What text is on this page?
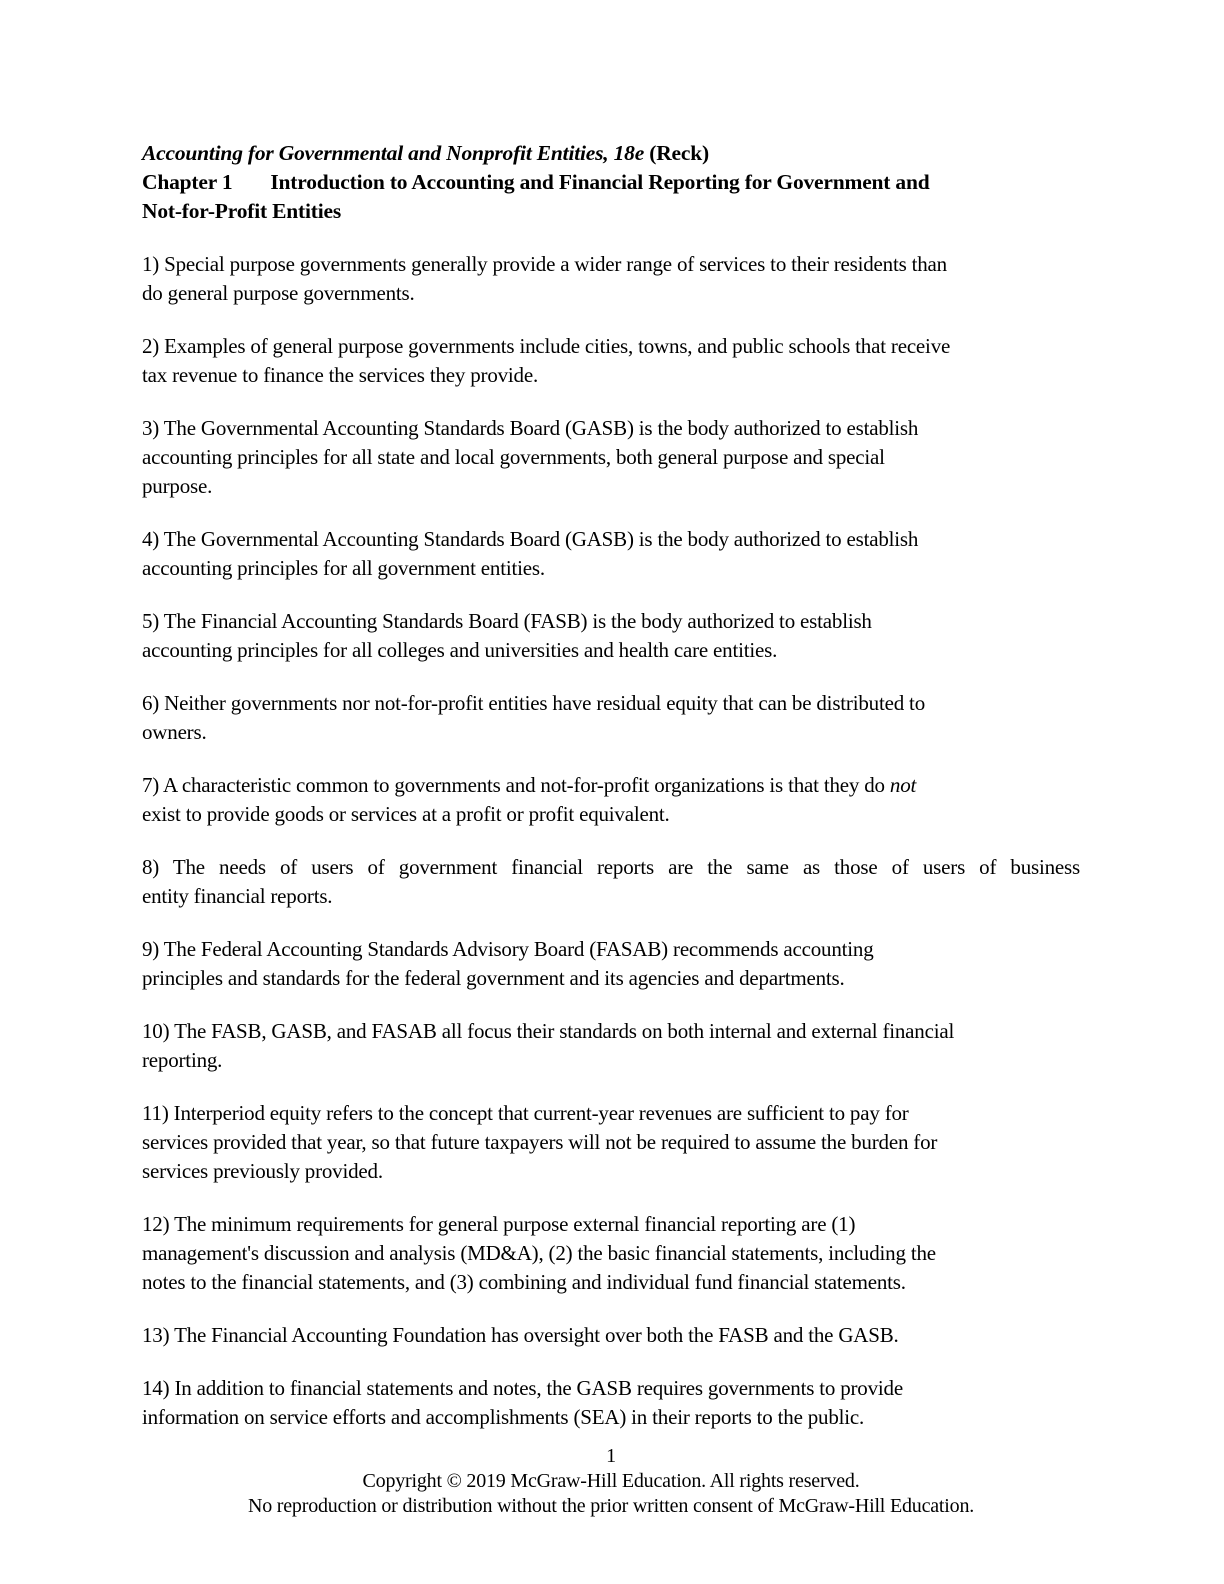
Accounting for Governmental and Nonprofit Entities, 18e (Reck)
Chapter 1 Introduction to Accounting and Financial Reporting for Government and
Not-for-Profit Entities
1) Special purpose governments generally provide a wider range of services to their residents than
do general purpose governments.
2) Examples of general purpose governments include cities, towns, and public schools that receive
tax revenue to finance the services they provide.
3) The Governmental Accounting Standards Board (GASB) is the body authorized to establish
accounting principles for all state and local governments, both general purpose and special
purpose.
4) The Governmental Accounting Standards Board (GASB) is the body authorized to establish
accounting principles for all government entities.
5) The Financial Accounting Standards Board (FASB) is the body authorized to establish
accounting principles for all colleges and universities and health care entities.
6) Neither governments nor not-for-profit entities have residual equity that can be distributed to
owners.
7) A characteristic common to governments and not-for-profit organizations is that they do not
exist to provide goods or services at a profit or profit equivalent.
8) The needs of users of government financial reports are the same as those of users of business
entity financial reports.
9) The Federal Accounting Standards Advisory Board (FASAB) recommends accounting
principles and standards for the federal government and its agencies and departments.
10) The FASB, GASB, and FASAB all focus their standards on both internal and external financial
reporting.
11) Interperiod equity refers to the concept that current-year revenues are sufficient to pay for
services provided that year, so that future taxpayers will not be required to assume the burden for
services previously provided.
12) The minimum requirements for general purpose external financial reporting are (1)
management's discussion and analysis (MD&A), (2) the basic financial statements, including the
notes to the financial statements, and (3) combining and individual fund financial statements.
13) The Financial Accounting Foundation has oversight over both the FASB and the GASB.
14) In addition to financial statements and notes, the GASB requires governments to provide
information on service efforts and accomplishments (SEA) in their reports to the public.
1
Copyright © 2019 McGraw-Hill Education. All rights reserved.
No reproduction or distribution without the prior written consent of McGraw-Hill Education.
